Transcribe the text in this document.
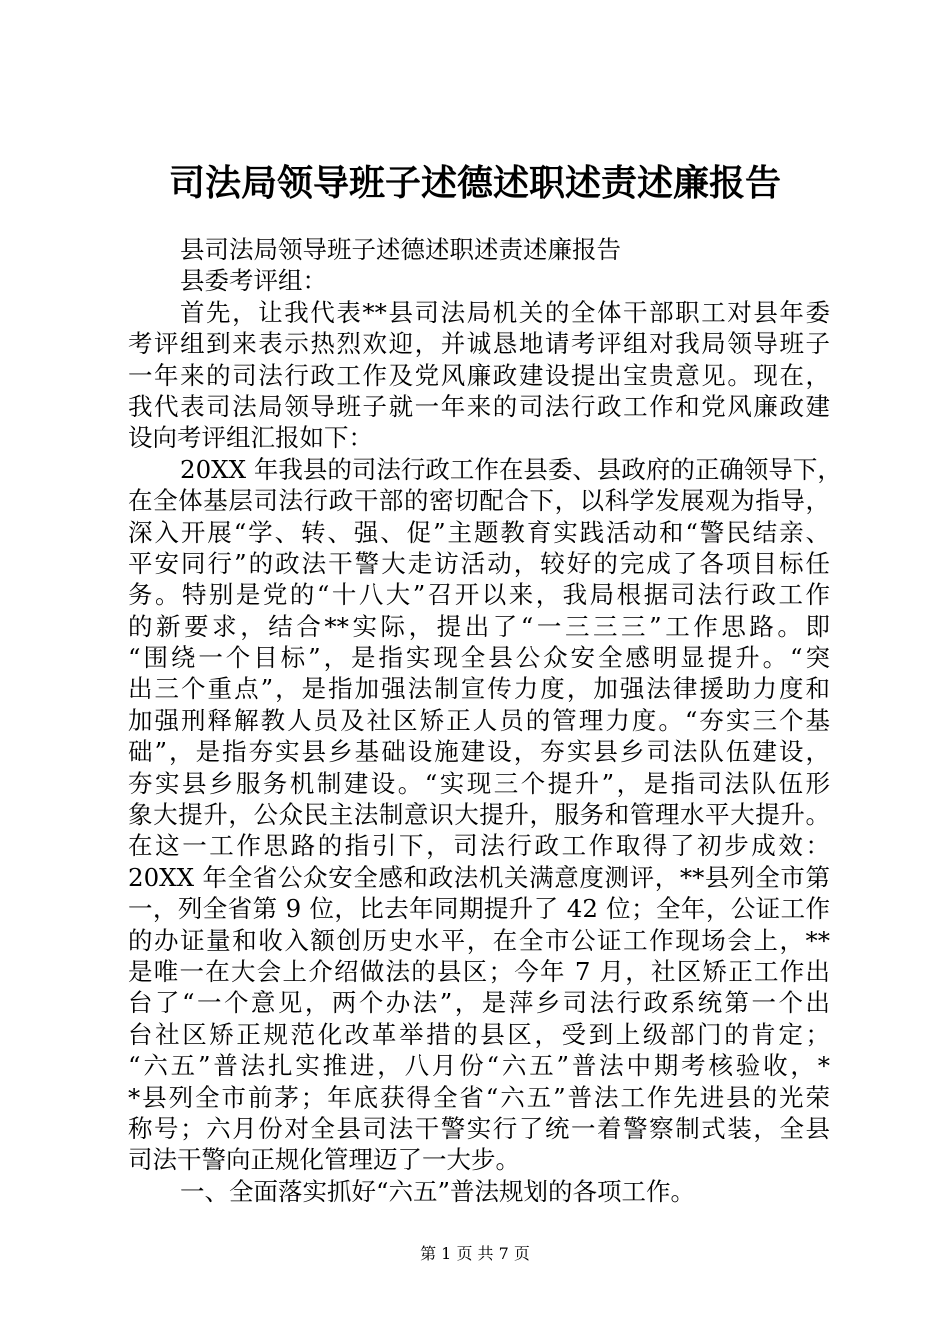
司法局领导班子述德述职述责述廉报告
县司法局领导班子述德述职述责述廉报告
县委考评组：
首先，让我代表**县司法局机关的全体干部职工对县年委
考评组到来表示热烈欢迎，并诚恳地请考评组对我局领导班子
一年来的司法行政工作及党风廉政建设提出宝贵意见。现在，
我代表司法局领导班子就一年来的司法行政工作和党风廉政建
设向考评组汇报如下：
20XX 年我县的司法行政工作在县委、县政府的正确领导下，
在全体基层司法行政干部的密切配合下，以科学发展观为指导，
深入开展“学、转、强、促”主题教育实践活动和“警民结亲、
平安同行”的政法干警大走访活动，较好的完成了各项目标任
务。特别是党的“十八大”召开以来，我局根据司法行政工作
的新要求，结合**实际，提出了“一三三三”工作思路。即
“围绕一个目标”，是指实现全县公众安全感明显提升。“突
出三个重点”，是指加强法制宣传力度，加强法律援助力度和
加强刑释解教人员及社区矫正人员的管理力度。“夯实三个基
础”，是指夯实县乡基础设施建设，夯实县乡司法队伍建设，
夯实县乡服务机制建设。“实现三个提升”，是指司法队伍形
象大提升，公众民主法制意识大提升，服务和管理水平大提升。
在这一工作思路的指引下，司法行政工作取得了初步成效：
20XX 年全省公众安全感和政法机关满意度测评，**县列全市第
一，列全省第 9 位，比去年同期提升了 42 位；全年，公证工作
的办证量和收入额创历史水平，在全市公证工作现场会上，**
是唯一在大会上介绍做法的县区；今年 7 月，社区矫正工作出
台了“一个意见，两个办法”，是萍乡司法行政系统第一个出
台社区矫正规范化改革举措的县区，受到上级部门的肯定；
“六五”普法扎实推进，八月份“六五”普法中期考核验收，*
*县列全市前茅；年底获得全省“六五”普法工作先进县的光荣
称号；六月份对全县司法干警实行了统一着警察制式装，全县
司法干警向正规化管理迈了一大步。
一、全面落实抓好“六五”普法规划的各项工作。
第 1 页 共 7 页
